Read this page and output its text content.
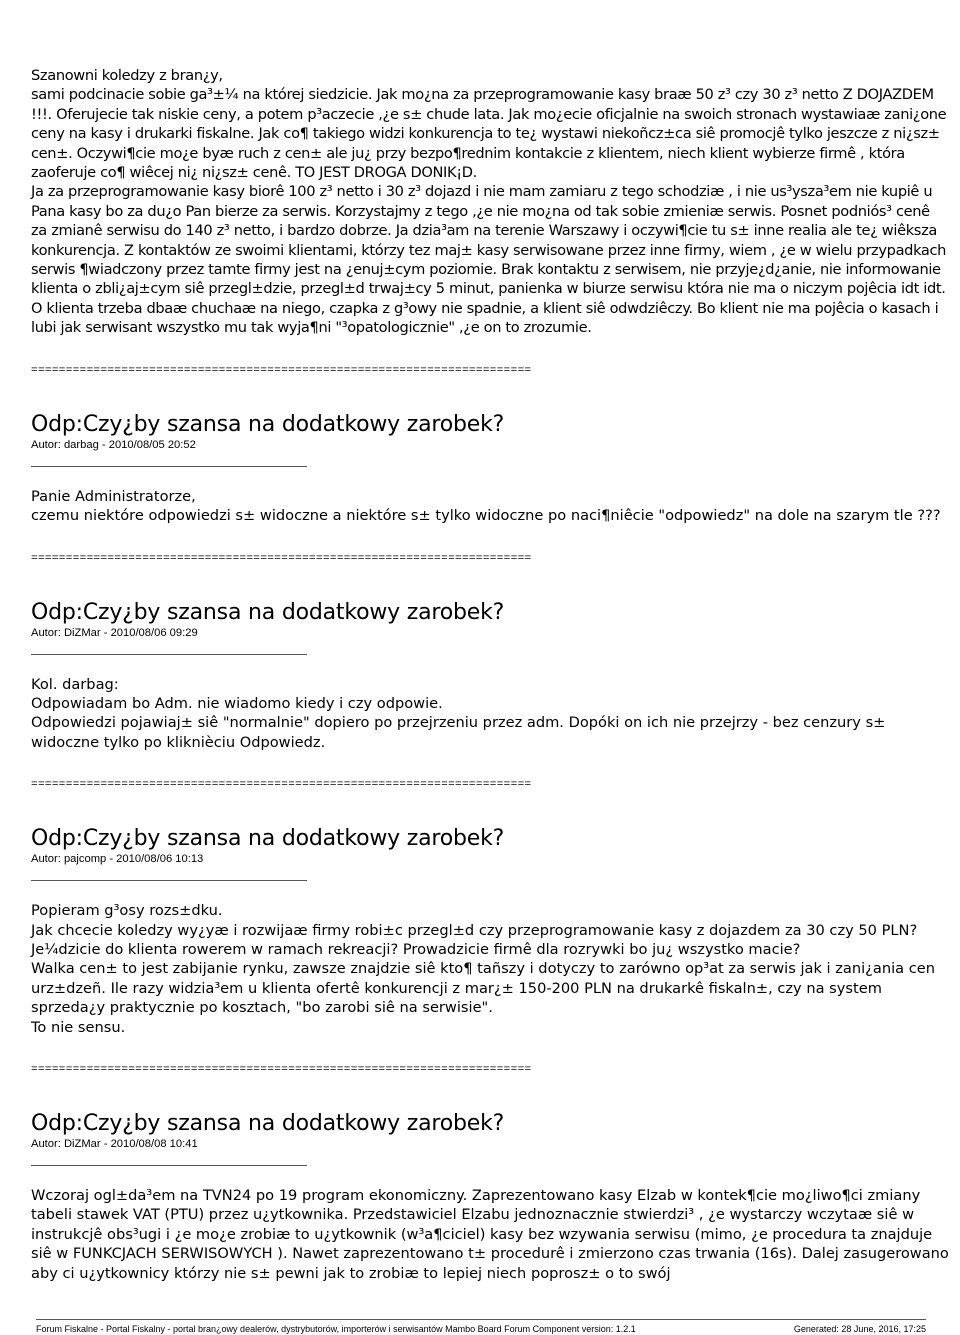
Szanowni koledzy z bran¿y,

sami podcinacie sobie ga³±¼ na której siedzicie. Jak mo¿na za przeprogramowanie kasy braæ 50 z³ czy 30 z³ netto Z DOJAZDEM !!!. Oferujecie tak niskie ceny, a potem p³aczecie ,¿e s± chude lata. Jak mo¿ecie oficjalnie na swoich stronach wystawiaæ zani¿one ceny na kasy i drukarki fiskalne. Jak co¶ takiego widzi konkurencja to te¿ wystawi niekoñcz±ca siê promocjê tylko jeszcze z ni¿sz± cen±. Oczywi¶cie mo¿e byæ ruch z cen± ale ju¿ przy bezpo¶rednim kontakcie z klientem, niech klient wybierze firmê , która zaoferuje co¶ wiêcej ni¿ ni¿sz± cenê. TO JEST DROGA DONIK¡D.

Ja za przeprogramowanie kasy biorê 100 z³ netto i 30 z³ dojazd i nie mam zamiaru z tego schodziæ , i nie us³ysza³em nie kupiê u Pana kasy bo za du¿o Pan bierze za serwis. Korzystajmy z tego ,¿e nie mo¿na od tak sobie zmieniæ serwis. Posnet podniós³ cenê za zmianê serwisu do 140 z³ netto, i bardzo dobrze. Ja dzia³am na terenie Warszawy i oczywi¶cie tu s± inne realia ale te¿ wiêksza konkurencja. Z kontaktów ze swoimi klientami, którzy tez maj± kasy serwisowane przez inne firmy, wiem , ¿e w wielu przypadkach serwis ¶wiadczony przez tamte firmy jest na ¿enuj±cym poziomie. Brak kontaktu z serwisem, nie przyje¿d¿anie, nie informowanie klienta o zbli¿aj±cym siê przegl±dzie, przegl±d trwaj±cy 5 minut, panienka w biurze serwisu która nie ma o niczym pojêcia idt idt. O klienta trzeba dbaæ chuchaæ na niego, czapka z g³owy nie spadnie, a klient siê odwdziêczy. Bo klient nie ma pojêcia o kasach i lubi jak serwisant wszystko mu tak wyja¶ni "³opatologicznie" ,¿e on to zrozumie.

========================================================================
Odp:Czy¿by szansa na dodatkowy zarobek?

Autor: darbag - 2010/08/05 20:52

Panie Administratorze,

czemu niektóre odpowiedzi s± widoczne a niektóre s± tylko widoczne po naci¶niêcie "odpowiedz" na dole na szarym tle ???

========================================================================
Odp:Czy¿by szansa na dodatkowy zarobek?

Autor: DiZMar - 2010/08/06 09:29

Kol. darbag:

Odpowiadam bo Adm. nie wiadomo kiedy i czy odpowie.

Odpowiedzi pojawiaj± siê "normalnie" dopiero po przejrzeniu przez adm. Dopóki on ich nie przejrzy - bez cenzury s± widoczne tylko po kliknièciu Odpowiedz.

========================================================================
Odp:Czy¿by szansa na dodatkowy zarobek?

Autor: pajcomp - 2010/08/06 10:13

Popieram g³osy rozs±dku.

Jak chcecie koledzy wy¿yæ i rozwijaæ firmy robi±c przegl±d czy przeprogramowanie kasy z dojazdem za 30 czy 50 PLN?

Je¼dzicie do klienta rowerem w ramach rekreacji? Prowadzicie firmê dla rozrywki bo ju¿ wszystko macie?

Walka cen± to jest zabijanie rynku, zawsze znajdzie siê kto¶ tañszy i dotyczy to zarówno op³at za serwis jak i zani¿ania cen urz±dzeñ. Ile razy widzia³em u klienta ofertê konkurencji z mar¿± 150-200 PLN na drukarkê fiskaln±, czy na system sprzeda¿y praktycznie po kosztach, "bo zarobi siê na serwisie".

To nie sensu.

========================================================================
Odp:Czy¿by szansa na dodatkowy zarobek?

Autor: DiZMar - 2010/08/08 10:41

Wczoraj ogl±da³em na TVN24 po 19 program ekonomiczny. Zaprezentowano kasy Elzab w kontek¶cie mo¿liwo¶ci zmiany tabeli stawek VAT (PTU) przez u¿ytkownika. Przedstawiciel Elzabu jednoznacznie stwierdzi³ , ¿e wystarczy wczytaæ siê w instrukcjê obs³ugi i ¿e mo¿e zrobiæ to u¿ytkownik (w³a¶ciciel) kasy bez wzywania serwisu (mimo, ¿e procedura ta znajduje siê w FUNKCJACH SERWISOWYCH ). Nawet zaprezentowano t± procedurê i zmierzono czas trwania (16s). Dalej zasugerowano aby ci u¿ytkownicy którzy nie s± pewni jak to zrobiæ to lepiej niech poprosz± o to swój

Forum Fiskalne - Portal Fiskalny - portal bran¿owy dealerów, dystrybutorów, importerów i serwisantów Mambo Board Forum Component version: 1.2.1	Generated: 28 June, 2016, 17:25
